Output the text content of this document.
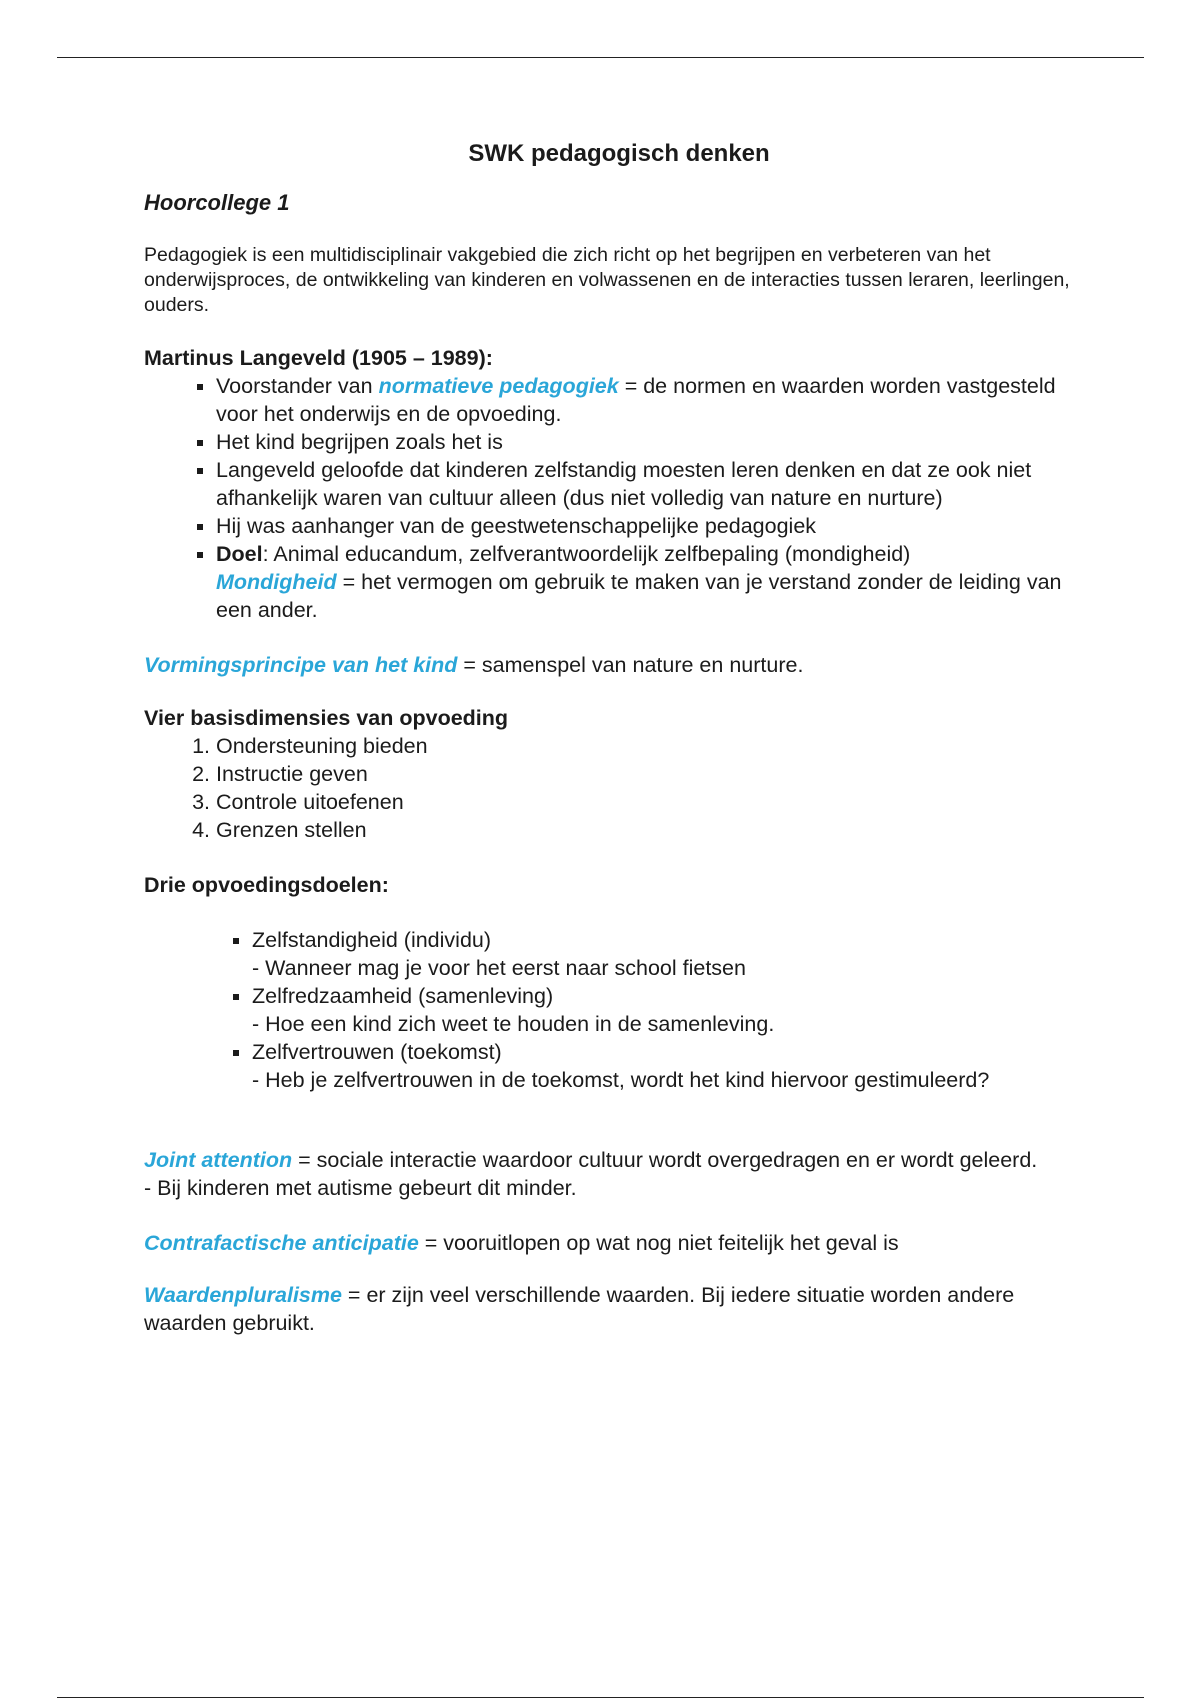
SWK pedagogisch denken
Hoorcollege 1

Pedagogiek is een multidisciplinair vakgebied die zich richt op het begrijpen en verbeteren van het onderwijsproces, de ontwikkeling van kinderen en volwassenen en de interacties tussen leraren, leerlingen, ouders.

Martinus Langeveld (1905 – 1989):

▪ Voorstander van normatieve pedagogiek = de normen en waarden worden vastgesteld voor het onderwijs en de opvoeding.
▪ Het kind begrijpen zoals het is
▪ Langeveld geloofde dat kinderen zelfstandig moesten leren denken en dat ze ook niet afhankelijk waren van cultuur alleen (dus niet volledig van nature en nurture)
▪ Hij was aanhanger van de geestwetenschappelijke pedagogiek
▪ Doel: Animal educandum, zelfverantwoordelijk zelfbepaling (mondigheid)
Mondigheid = het vermogen om gebruik te maken van je verstand zonder de leiding van een ander.

Vormingsprincipe van het kind = samenspel van nature en nurture.

Vier basisdimensies van opvoeding

1. Ondersteuning bieden
2. Instructie geven
3. Controle uitoefenen
4. Grenzen stellen

Drie opvoedingsdoelen:

▪ Zelfstandigheid (individu)
- Wanneer mag je voor het eerst naar school fietsen
▪ Zelfredzaamheid (samenleving)
- Hoe een kind zich weet te houden in de samenleving.
▪ Zelfvertrouwen (toekomst)
- Heb je zelfvertrouwen in de toekomst, wordt het kind hiervoor gestimuleerd?

Joint attention = sociale interactie waardoor cultuur wordt overgedragen en er wordt geleerd.
- Bij kinderen met autisme gebeurt dit minder.

Contrafactische anticipatie = vooruitlopen op wat nog niet feitelijk het geval is

Waardenpluralisme = er zijn veel verschillende waarden. Bij iedere situatie worden andere waarden gebruikt.
